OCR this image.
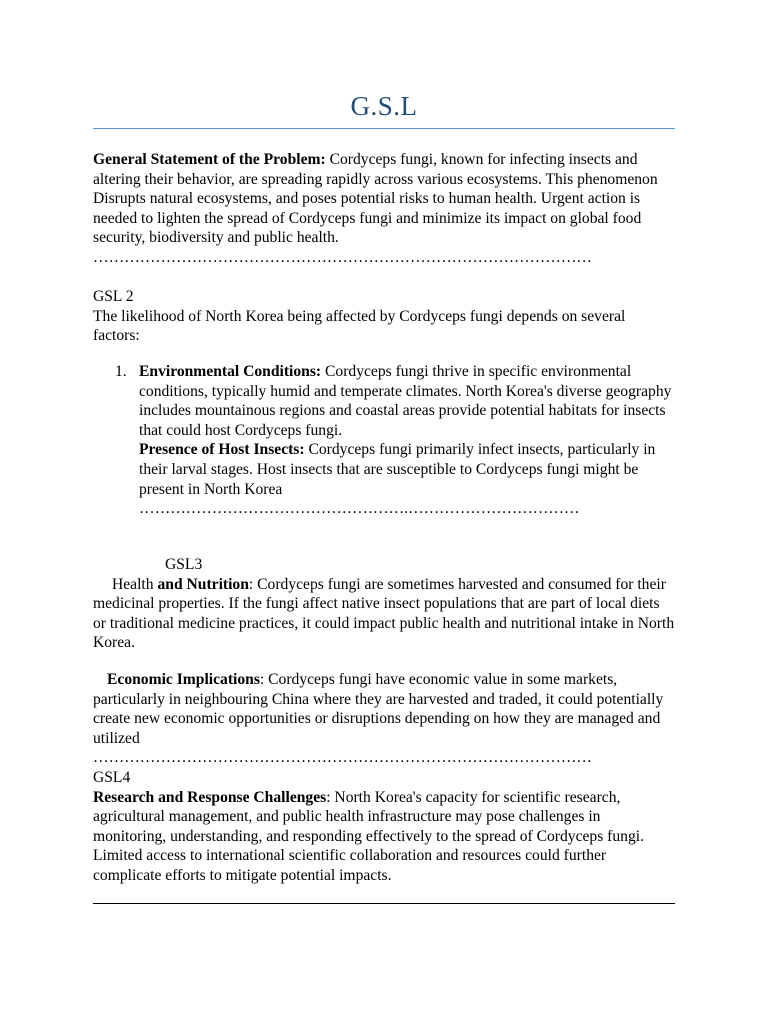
G.S.L

General Statement of the Problem: Cordyceps fungi, known for infecting insects and altering their behavior, are spreading rapidly across various ecosystems. This phenomenon Disrupts natural ecosystems, and poses potential risks to human health. Urgent action is needed to lighten the spread of Cordyceps fungi and minimize its impact on global food security, biodiversity and public health.

……………………………………………………………………………………

GSL 2

The likelihood of North Korea being affected by Cordyceps fungi depends on several factors:

1. Environmental Conditions: Cordyceps fungi thrive in specific environmental conditions, typically humid and temperate climates. North Korea's diverse geography includes mountainous regions and coastal areas provide potential habitats for insects that could host Cordyceps fungi.

Presence of Host Insects: Cordyceps fungi primarily infect insects, particularly in their larval stages. Host insects that are susceptible to Cordyceps fungi might be present in North Korea

…………………………………………….……………………………

GSL3

Health and Nutrition: Cordyceps fungi are sometimes harvested and consumed for their medicinal properties. If the fungi affect native insect populations that are part of local diets or traditional medicine practices, it could impact public health and nutritional intake in North Korea.

Economic Implications: Cordyceps fungi have economic value in some markets, particularly in neighbouring China where they are harvested and traded, it could potentially create new economic opportunities or disruptions depending on how they are managed and utilized

……………………………………………………………………………………

GSL4

Research and Response Challenges: North Korea's capacity for scientific research, agricultural management, and public health infrastructure may pose challenges in monitoring, understanding, and responding effectively to the spread of Cordyceps fungi. Limited access to international scientific collaboration and resources could further complicate efforts to mitigate potential impacts.
